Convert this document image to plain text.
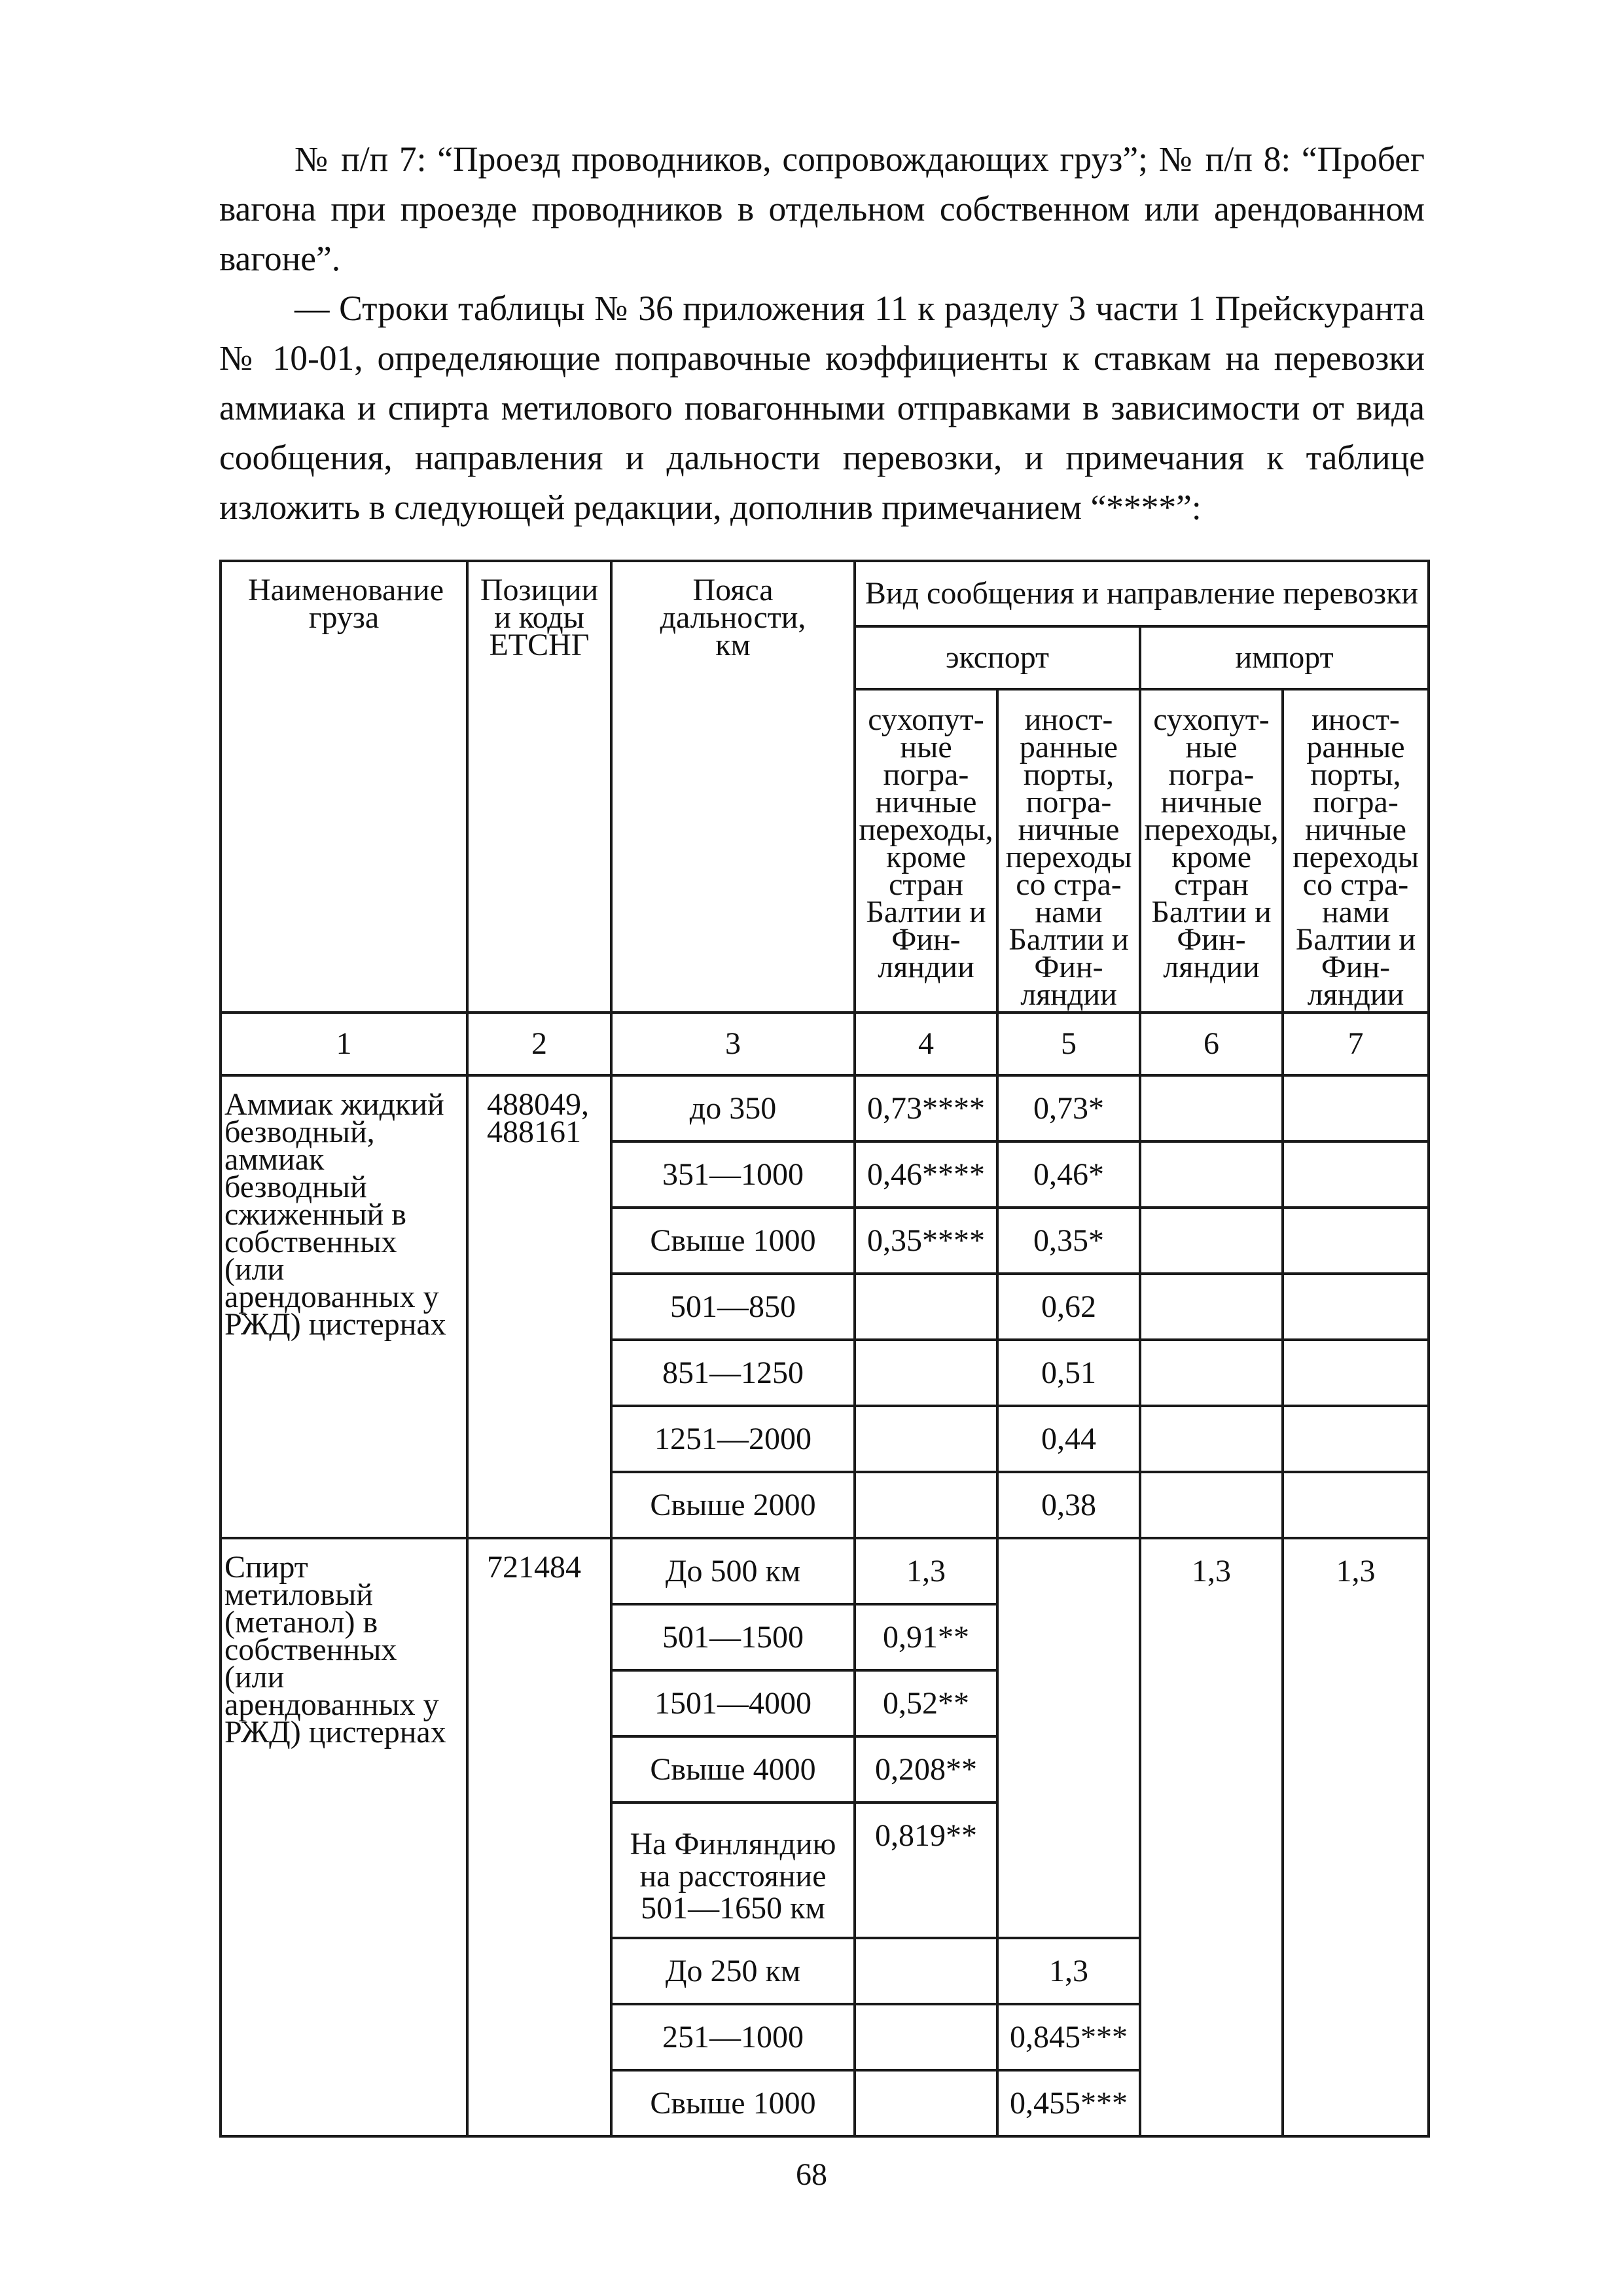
№ п/п 7: “Проезд проводников, сопровождающих груз”; № п/п 8: “Пробег вагона при проезде проводников в отдельном собственном или арендованном вагоне”.

— Строки таблицы № 36 приложения 11 к разделу 3 части 1 Прейскуранта № 10-01, определяющие поправочные коэффициенты к ставкам на перевозки аммиака и спирта метилового повагонными отправками в зависимости от вида сообщения, направления и дальности перевозки, и примечания к таблице изложить в следующей редакции, дополнив примечанием “****”:

Наименование груза	Позиции и коды ЕТСНГ	Пояса дальности, км	Вид сообщения и направление перевозки			
			экспорт		импорт	
			сухопут-ные погра-ничные переходы, кроме стран Балтии и Фин-ляндии	иност-ранные порты, погра-ничные переходы со стра-нами Балтии и Фин-ляндии	сухопут-ные погра-ничные переходы, кроме стран Балтии и Фин-ляндии	иност-ранные порты, погра-ничные переходы со стра-нами Балтии и Фин-ляндии
1	2	3	4	5	6	7
Аммиак жидкий безводный, аммиак безводный сжиженный в собственных (или арендованных у РЖД) цистернах	488049, 488161	до 350	0,73****	0,73*		
		351—1000	0,46****	0,46*		
		Свыше 1000	0,35****	0,35*		
		501—850		0,62		
		851—1250		0,51		
		1251—2000		0,44		
		Свыше 2000		0,38		
Спирт метиловый (метанол) в собственных (или арендованных у РЖД) цистернах	721484	До 500 км	1,3		1,3	1,3
		501—1500	0,91**			
		1501—4000	0,52**			
		Свыше 4000	0,208**			
		На Финляндию на расстояние 501—1650 км	0,819**			
		До 250 км		1,3		
		251—1000		0,845***		
		Свыше 1000		0,455***		
68
